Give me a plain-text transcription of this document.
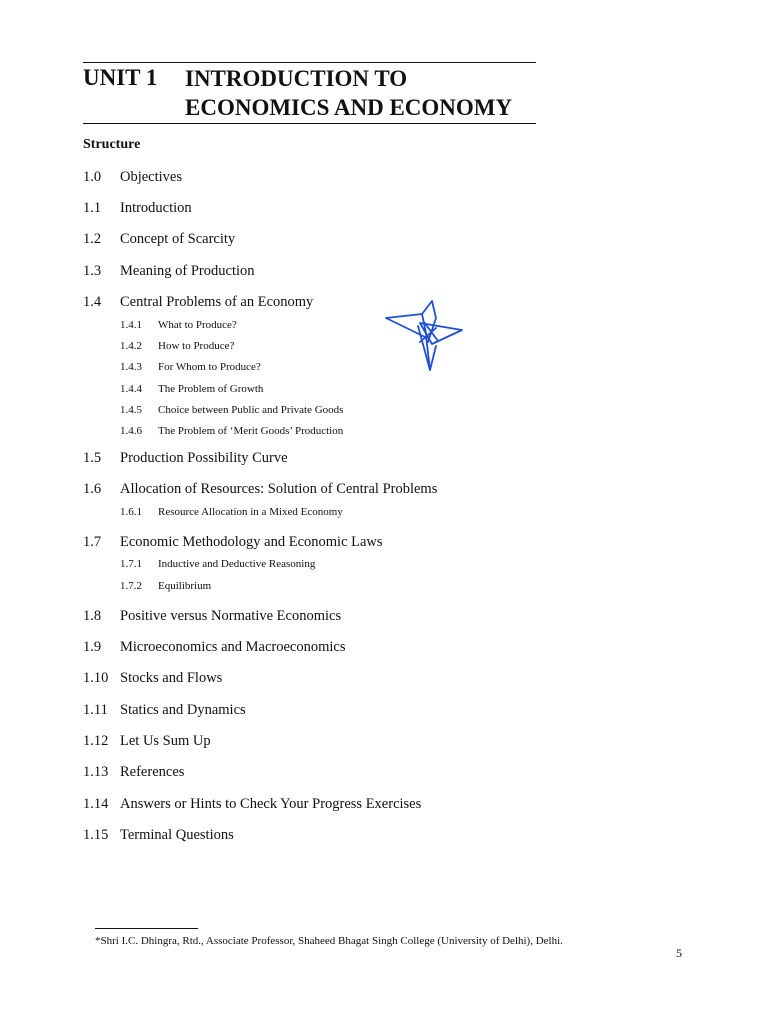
UNIT 1 INTRODUCTION TO
ECONOMICS AND ECONOMY
Structure
1.0 Objectives
1.1 Introduction
1.2 Concept of Scarcity
1.3 Meaning of Production
1.4 Central Problems of an Economy
1.4.1 What to Produce?
1.4.2 How to Produce?
1.4.3 For Whom to Produce?
1.4.4 The Problem of Growth
1.4.5 Choice between Public and Private Goods
1.4.6 The Problem of ‘Merit Goods’ Production
1.5 Production Possibility Curve
1.6 Allocation of Resources: Solution of Central Problems
1.6.1 Resource Allocation in a Mixed Economy
1.7 Economic Methodology and Economic Laws
1.7.1 Inductive and Deductive Reasoning
1.7.2 Equilibrium
1.8 Positive versus Normative Economics
1.9 Microeconomics and Macroeconomics
1.10 Stocks and Flows
1.11 Statics and Dynamics
1.12 Let Us Sum Up
1.13 References
1.14 Answers or Hints to Check Your Progress Exercises
1.15 Terminal Questions
*Shri I.C. Dhingra, Rtd., Associate Professor, Shaheed Bhagat Singh College (University of Delhi), Delhi.
5
